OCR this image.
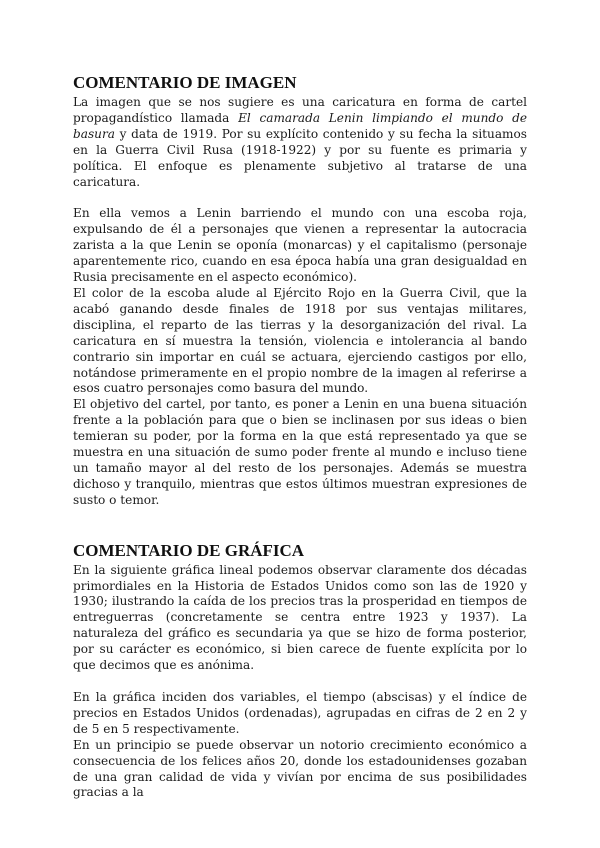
COMENTARIO DE IMAGEN

La imagen que se nos sugiere es una caricatura en forma de cartel propagandístico llamada El camarada Lenin limpiando el mundo de basura y data de 1919. Por su explícito contenido y su fecha la situamos en la Guerra Civil Rusa (1918-1922) y por su fuente es primaria y política. El enfoque es plenamente subjetivo al tratarse de una caricatura.

En ella vemos a Lenin barriendo el mundo con una escoba roja, expulsando de él a personajes que vienen a representar la autocracia zarista a la que Lenin se oponía (monarcas) y el capitalismo (personaje aparentemente rico, cuando en esa época había una gran desigualdad en Rusia precisamente en el aspecto económico).

El color de la escoba alude al Ejército Rojo en la Guerra Civil, que la acabó ganando desde finales de 1918 por sus ventajas militares, disciplina, el reparto de las tierras y la desorganización del rival. La caricatura en sí muestra la tensión, violencia e intolerancia al bando contrario sin importar en cuál se actuara, ejerciendo castigos por ello, notándose primeramente en el propio nombre de la imagen al referirse a esos cuatro personajes como basura del mundo.

El objetivo del cartel, por tanto, es poner a Lenin en una buena situación frente a la población para que o bien se inclinasen por sus ideas o bien temieran su poder, por la forma en la que está representado ya que se muestra en una situación de sumo poder frente al mundo e incluso tiene un tamaño mayor al del resto de los personajes. Además se muestra dichoso y tranquilo, mientras que estos últimos muestran expresiones de susto o temor.

COMENTARIO DE GRÁFICA

En la siguiente gráfica lineal podemos observar claramente dos décadas primordiales en la Historia de Estados Unidos como son las de 1920 y 1930; ilustrando la caída de los precios tras la prosperidad en tiempos de entreguerras (concretamente se centra entre 1923 y 1937). La naturaleza del gráfico es secundaria ya que se hizo de forma posterior, por su carácter es económico, si bien carece de fuente explícita por lo que decimos que es anónima.

En la gráfica inciden dos variables, el tiempo (abscisas) y el índice de precios en Estados Unidos (ordenadas), agrupadas en cifras de 2 en 2 y de 5 en 5 respectivamente.

En un principio se puede observar un notorio crecimiento económico a consecuencia de los felices años 20, donde los estadounidenses gozaban de una gran calidad de vida y vivían por encima de sus posibilidades gracias a la
